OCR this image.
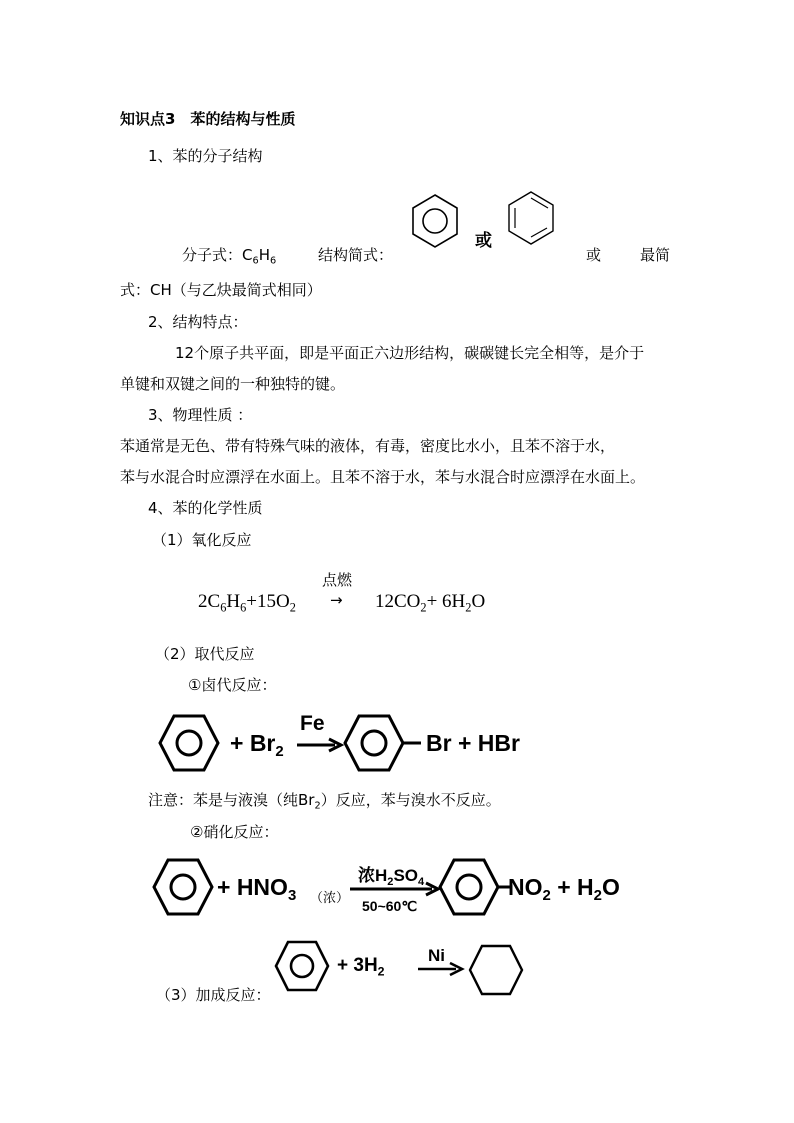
知识点3　苯的结构与性质
1、苯的分子结构
或
分子式：$C_6H_6$	结构简式：	或	最简
式：CH（与乙炔最简式相同）
2、结构特点：
12个原子共平面，即是平面正六边形结构，碳碳键长完全相等，是介于
单键和双键之间的一种独特的键。
3、物理性质 ：
苯通常是无色、带有特殊气味的液体，有毒，密度比水小，且苯不溶于水，
苯与水混合时应漂浮在水面上。且苯不溶于水，苯与水混合时应漂浮在水面上。
4、苯的化学性质
（1）氧化反应
点燃
$2C_6H_6+15O_2 \to 12CO_2+ 6H_2O$
（2）取代反应
①卤代反应：
+ $Br_2$
Fe
Br + HBr
注意：苯是与液溴（纯$Br_2$）反应，苯与溴水不反应。
②硝化反应：
+ $HNO_3$ （浓）
浓$H_2SO_4$
50~60℃
$NO_2 + H_2O$
+ $3H_2$
Ni
（3）加成反应：
